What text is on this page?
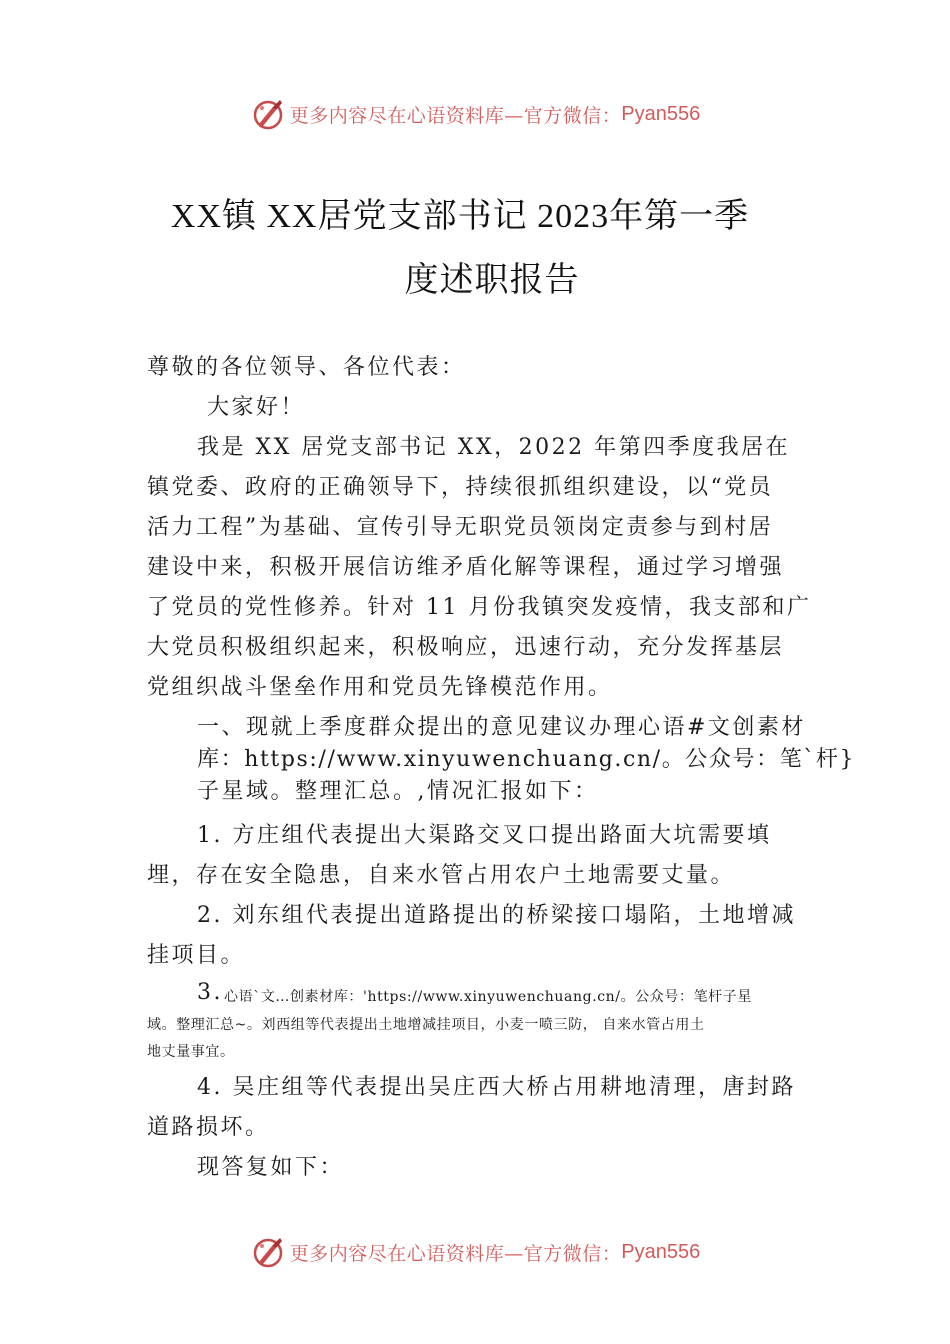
更多内容尽在心语资料库—官方微信： Pyan556
XX镇 XX居党支部书记 2023年第一季
度述职报告
尊敬的各位领导、各位代表：
大家好！
我是 XX 居党支部书记 XX，2022 年第四季度我居在
镇党委、政府的正确领导下，持续很抓组织建设，以“党员
活力工程”为基础、宣传引导无职党员领岗定责参与到村居
建设中来，积极开展信访维矛盾化解等课程，通过学习增强
了党员的党性修养。针对 11 月份我镇突发疫情，我支部和广
大党员积极组织起来，积极响应，迅速行动，充分发挥基层
党组织战斗堡垒作用和党员先锋模范作用。
一、现就上季度群众提出的意见建议办理心语#文创素材
库：https://www.xinyuwenchuang.cn/。公众号：笔`杆}
子星域。整理汇总。,情况汇报如下：
1. 方庄组代表提出大渠路交叉口提出路面大坑需要填
埋，存在安全隐患，自来水管占用农户土地需要丈量。
2. 刘东组代表提出道路提出的桥梁接口塌陷，土地增减
挂项目。
3. 心语`文…创素材库：'https://www.xinyuwenchuang.cn/。公众号：笔杆子星
域。整理汇总~。刘西组等代表提出土地增减挂项目，小麦一喷三防， 自来水管占用土
地丈量事宜。
4. 吴庄组等代表提出吴庄西大桥占用耕地清理，唐封路
道路损坏。
现答复如下：
更多内容尽在心语资料库—官方微信： Pyan556
